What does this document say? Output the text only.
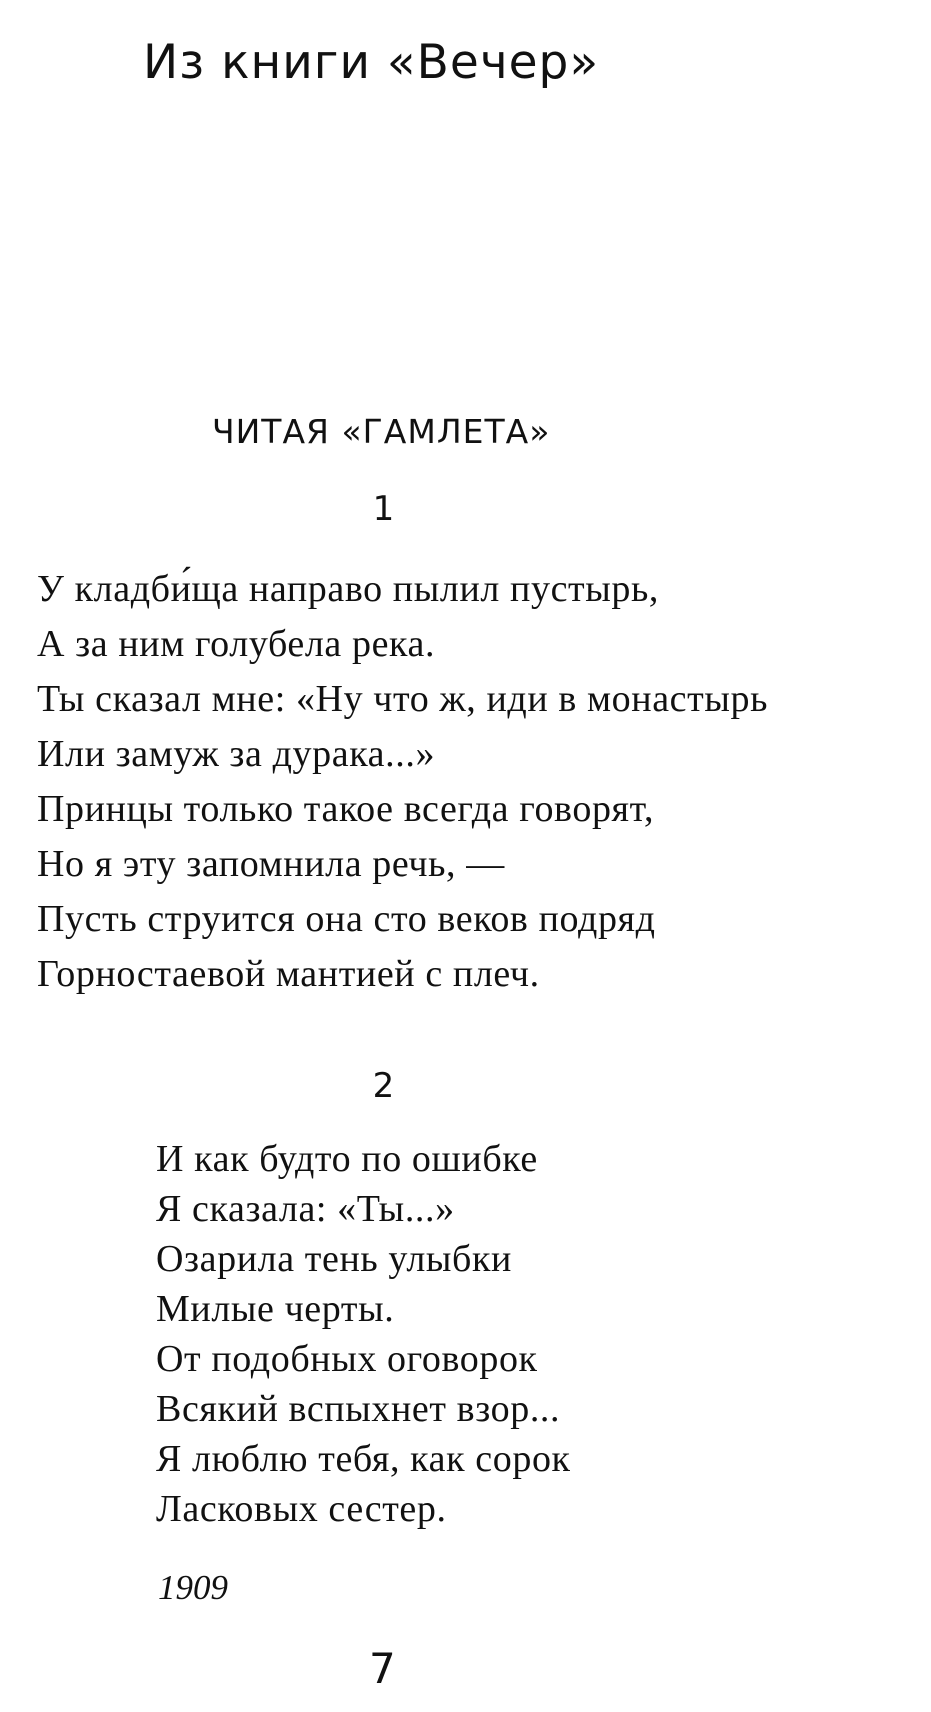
Из книги «Вечер»
ЧИТАЯ «ГАМЛЕТА»
1
У кладби́ща направо пылил пустырь,
А за ним голубела река.
Ты сказал мне: «Ну что ж, иди в монастырь
Или замуж за дурака...»
Принцы только такое всегда говорят,
Но я эту запомнила речь, —
Пусть струится она сто веков подряд
Горностаевой мантией с плеч.
2
И как будто по ошибке
Я сказала: «Ты...»
Озарила тень улыбки
Милые черты.
От подобных оговорок
Всякий вспыхнет взор...
Я люблю тебя, как сорок
Ласковых сестер.
1909
7
